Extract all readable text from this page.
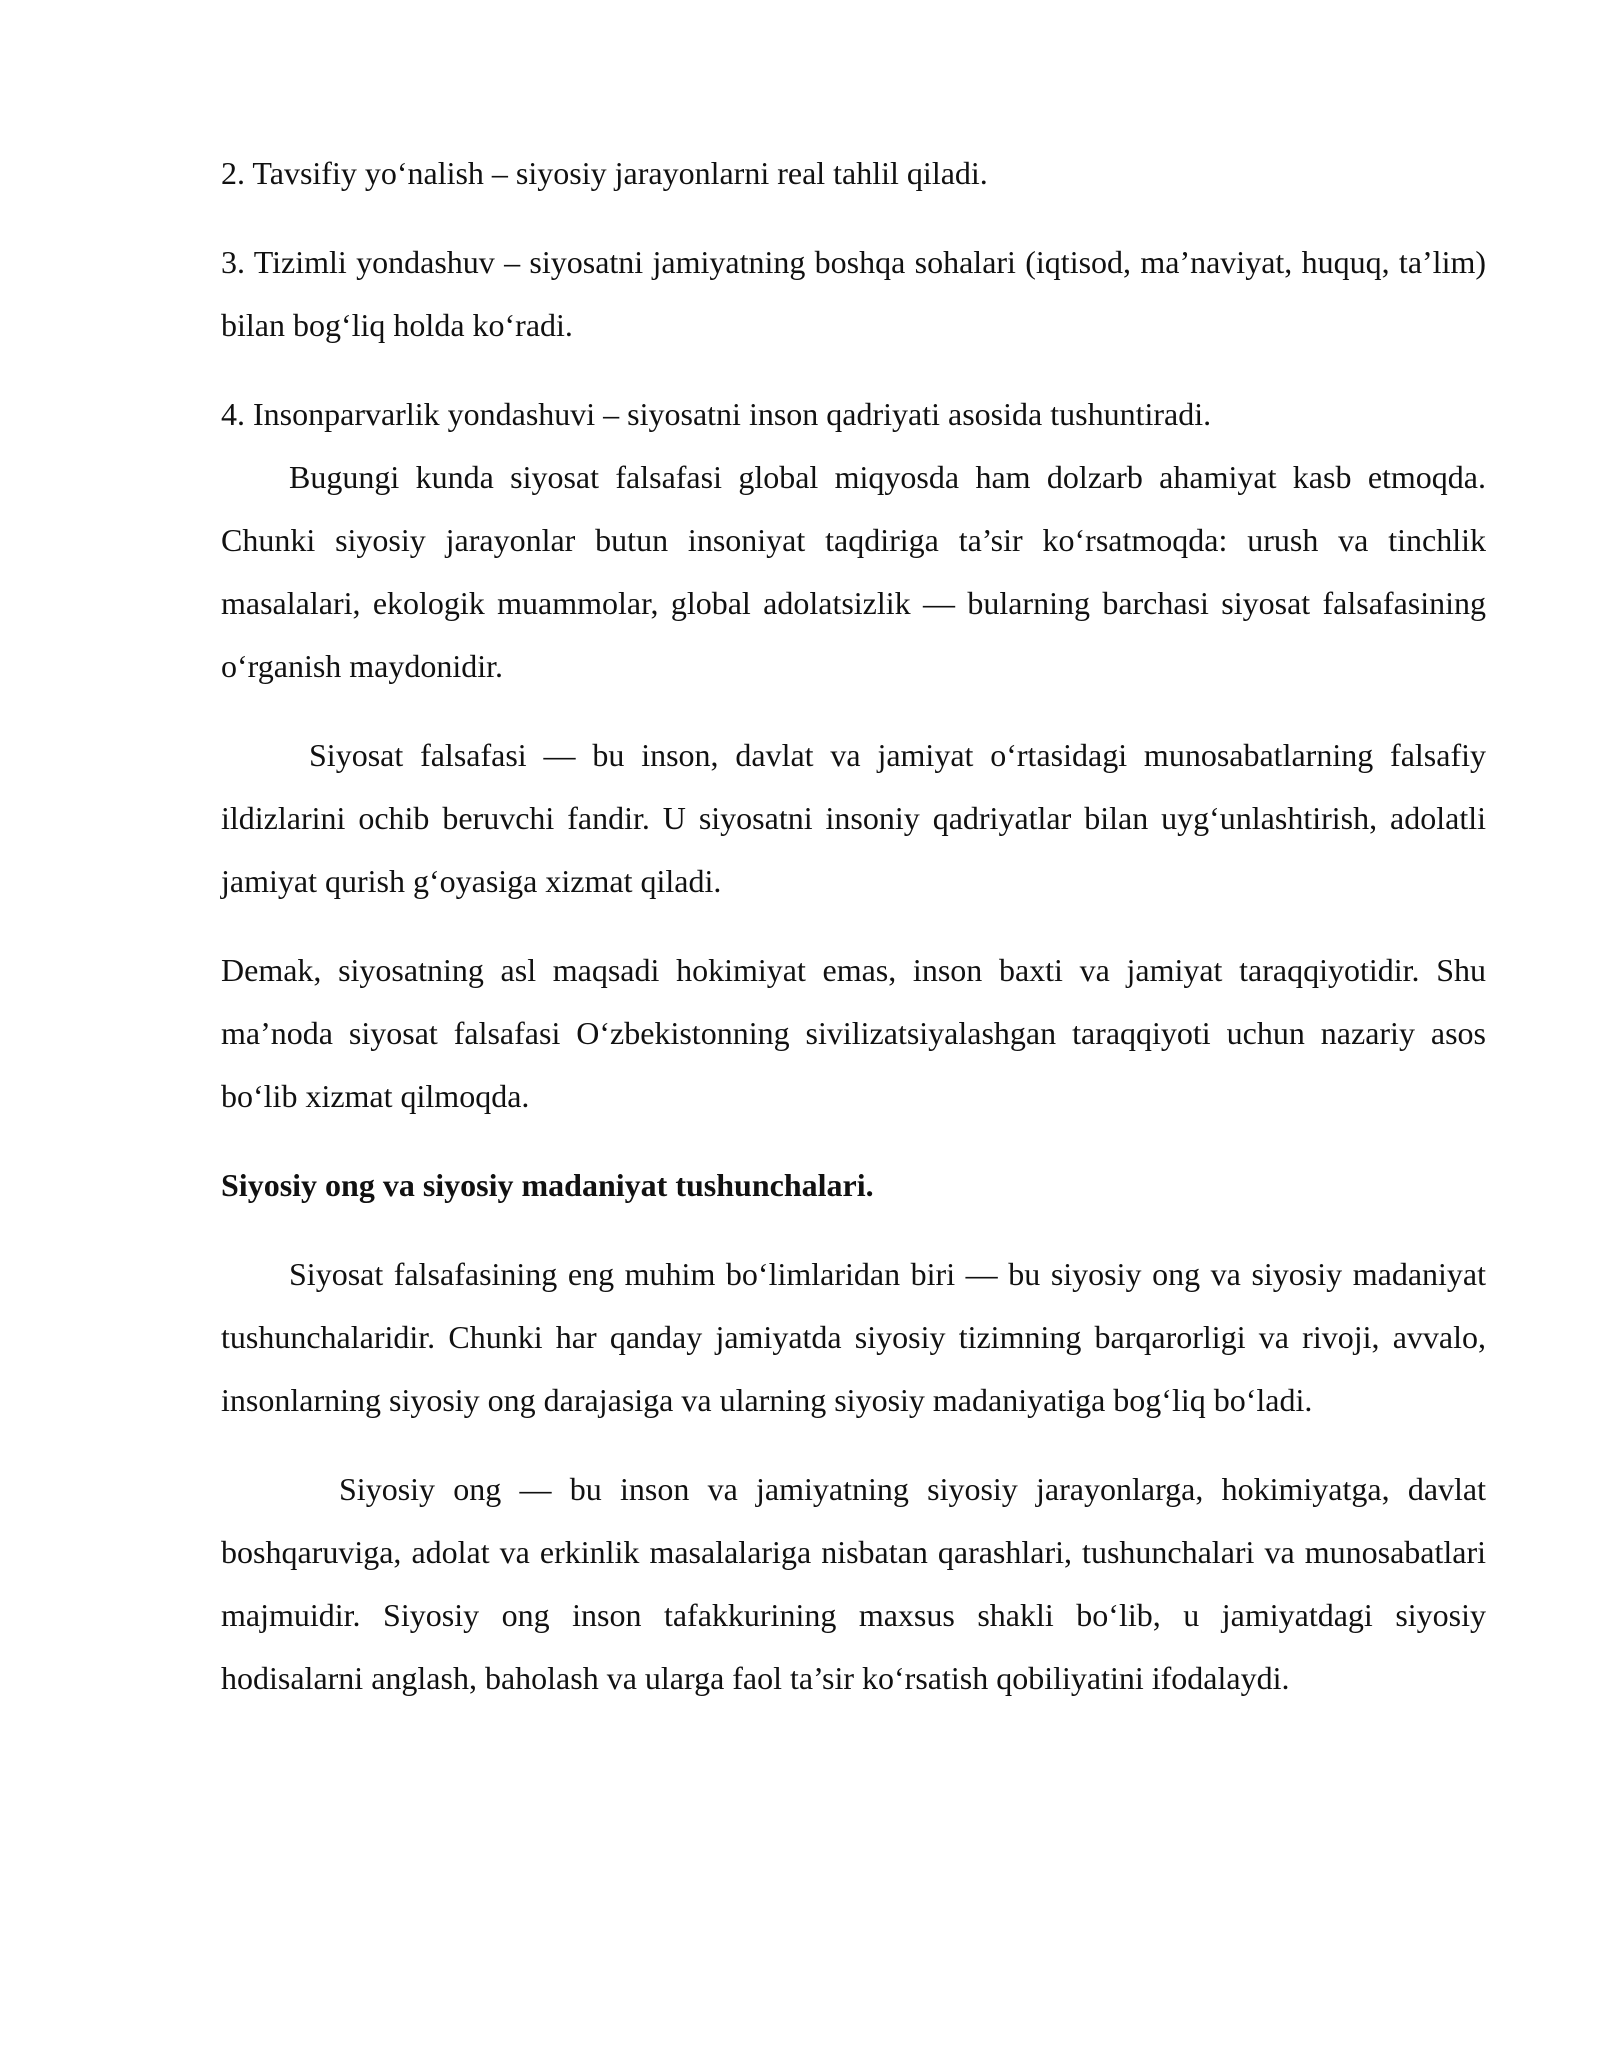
2. Tavsifiy yo‘nalish – siyosiy jarayonlarni real tahlil qiladi.

3. Tizimli yondashuv – siyosatni jamiyatning boshqa sohalari (iqtisod, ma’naviyat, huquq, ta’lim) bilan bog‘liq holda ko‘radi.

4. Insonparvarlik yondashuvi – siyosatni inson qadriyati asosida tushuntiradi.
Bugungi kunda siyosat falsafasi global miqyosda ham dolzarb ahamiyat kasb etmoqda. Chunki siyosiy jarayonlar butun insoniyat taqdiriga ta’sir ko‘rsatmoqda: urush va tinchlik masalalari, ekologik muammolar, global adolatsizlik — bularning barchasi siyosat falsafasining o‘rganish maydonidir.

Siyosat falsafasi — bu inson, davlat va jamiyat o‘rtasidagi munosabatlarning falsafiy ildizlarini ochib beruvchi fandir. U siyosatni insoniy qadriyatlar bilan uyg‘unlashtirish, adolatli jamiyat qurish g‘oyasiga xizmat qiladi.

Demak, siyosatning asl maqsadi hokimiyat emas, inson baxti va jamiyat taraqqiyotidir. Shu ma’noda siyosat falsafasi O‘zbekistonning sivilizatsiyalashgan taraqqiyoti uchun nazariy asos bo‘lib xizmat qilmoqda.

Siyosiy ong va siyosiy madaniyat tushunchalari.

Siyosat falsafasining eng muhim bo‘limlaridan biri — bu siyosiy ong va siyosiy madaniyat tushunchalaridir. Chunki har qanday jamiyatda siyosiy tizimning barqarorligi va rivoji, avvalo, insonlarning siyosiy ong darajasiga va ularning siyosiy madaniyatiga bog‘liq bo‘ladi.

Siyosiy ong — bu inson va jamiyatning siyosiy jarayonlarga, hokimiyatga, davlat boshqaruviga, adolat va erkinlik masalalariga nisbatan qarashlari, tushunchalari va munosabatlari majmuidir. Siyosiy ong inson tafakkurining maxsus shakli bo‘lib, u jamiyatdagi siyosiy hodisalarni anglash, baholash va ularga faol ta’sir ko‘rsatish qobiliyatini ifodalaydi.
